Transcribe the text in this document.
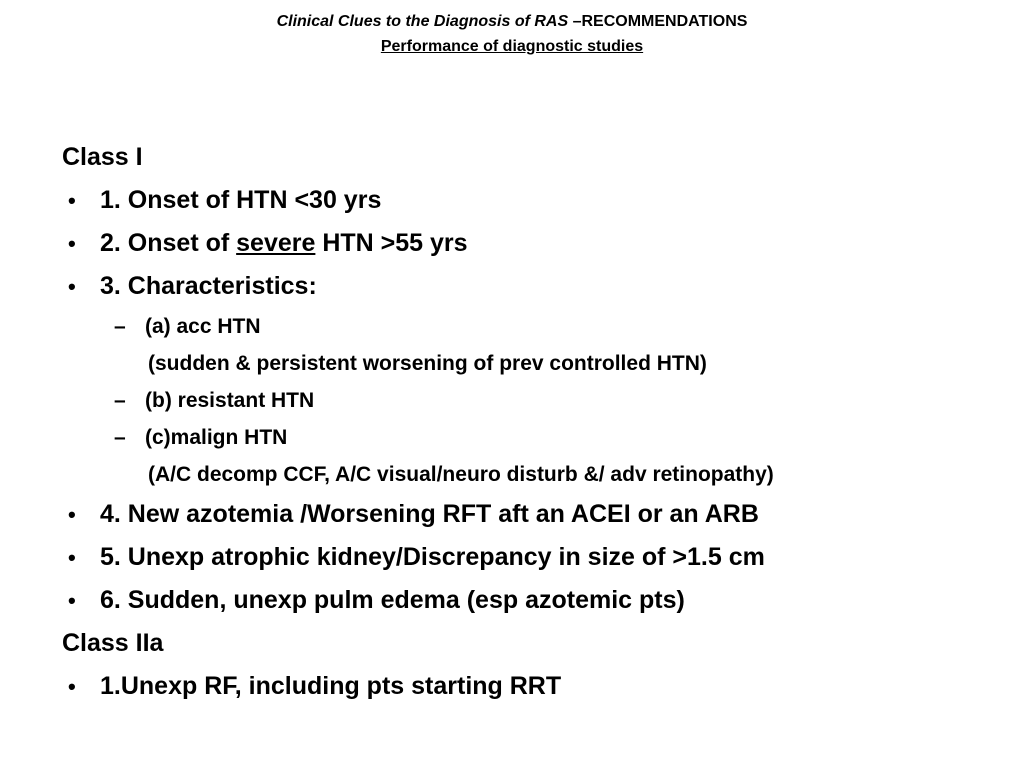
Clinical Clues to the Diagnosis of RAS –RECOMMENDATIONS
Performance of diagnostic studies
Class I
• 1. Onset of HTN <30 yrs
• 2. Onset of severe HTN >55 yrs
• 3. Characteristics:
– (a) acc HTN
(sudden & persistent worsening of prev controlled HTN)
– (b) resistant HTN
– (c)malign HTN
(A/C decomp CCF, A/C visual/neuro disturb &/ adv retinopathy)
• 4. New azotemia /Worsening RFT aft an ACEI or an ARB
• 5. Unexp atrophic kidney/Discrepancy in size of >1.5 cm
• 6. Sudden, unexp pulm edema (esp azotemic pts)
Class IIa
• 1.Unexp RF, including pts starting RRT
